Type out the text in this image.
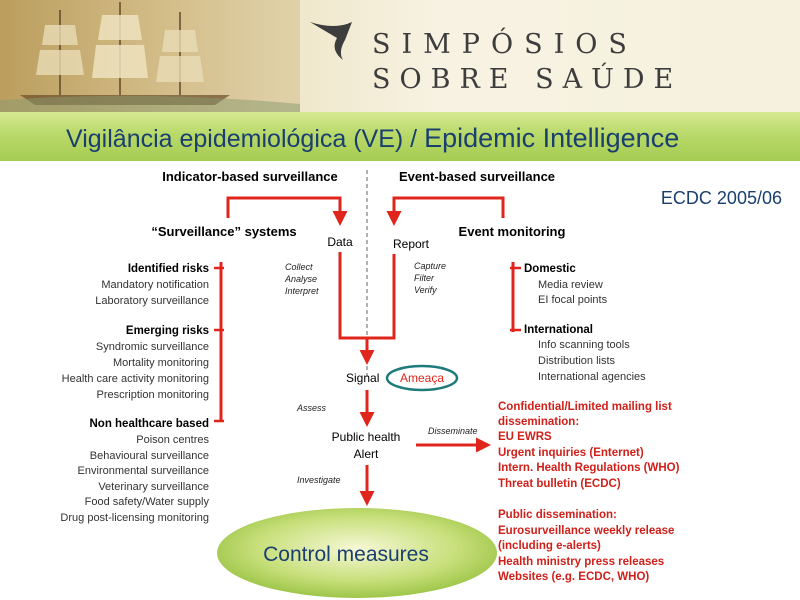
SIMPÓSIOS
SOBRE SAÚDE
Vigilância epidemiológica (VE) / Epidemic Intelligence
Indicator-based surveillance	Event-based surveillance
ECDC 2005/06
“Surveillance” systems
Data	Report
Event monitoring
Collect
Analyse
Interpret
Capture
Filter
Verify
Identified risks
Mandatory notification
Laboratory surveillance
Emerging risks
Syndromic surveillance
Mortality monitoring
Health care activity monitoring
Prescription monitoring
Non healthcare based
Poison centres
Behavioural surveillance
Environmental surveillance
Veterinary surveillance
Food safety/Water supply
Drug post-licensing monitoring
Domestic
Media review
EI focal points
International
Info scanning tools
Distribution lists
International agencies
Signal Ameaça
Assess
Public health
Alert
Disseminate
Investigate
Control measures
Confidential/Limited mailing list
dissemination:
EU EWRS
Urgent inquiries (Enternet)
Intern. Health Regulations (WHO)
Threat bulletin (ECDC)
Public dissemination:
Eurosurveillance weekly release
(including e-alerts)
Health ministry press releases
Websites (e.g. ECDC, WHO)
